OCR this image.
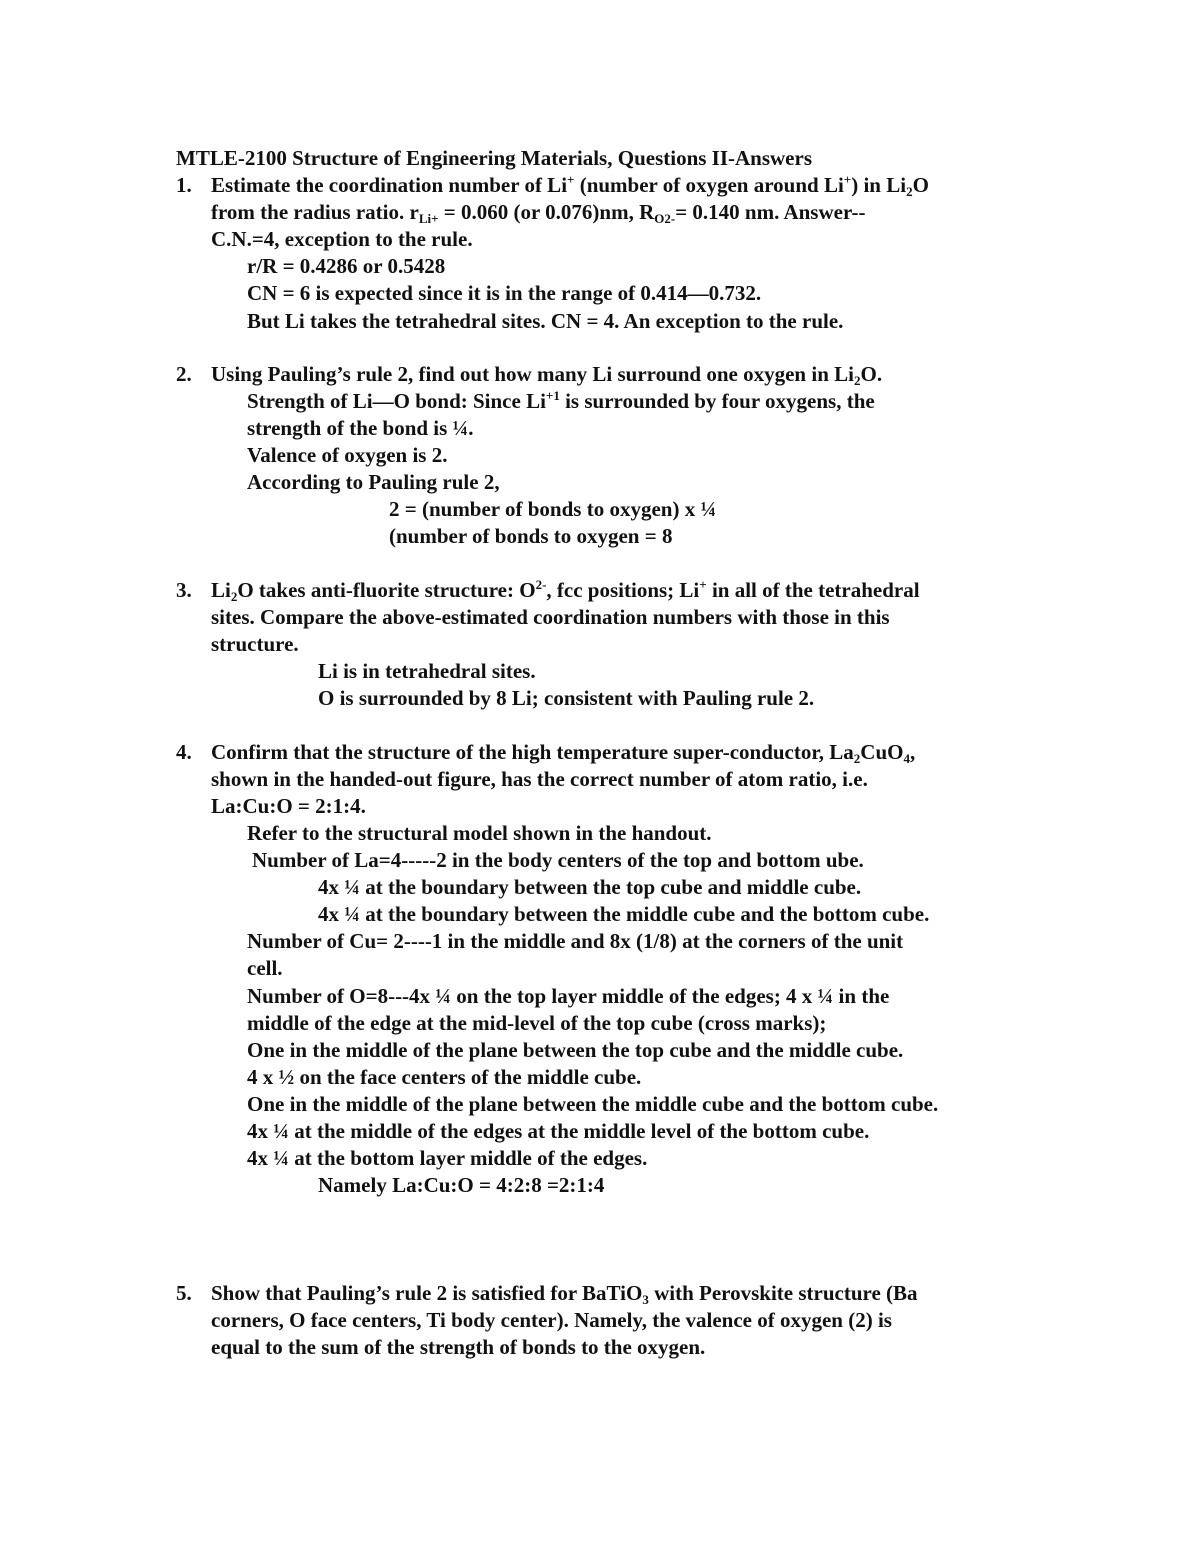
MTLE-2100 Structure of Engineering Materials, Questions II-Answers
1. Estimate the coordination number of Li+ (number of oxygen around Li+) in $Li_2O$
from the radius ratio. $r_{Li+} = 0.060$ (or 0.076)nm, $R_{O2-}= 0.140$ nm. Answer--
C.N.=4, exception to the rule.
r/R = 0.4286 or 0.5428
CN = 6 is expected since it is in the range of 0.414—0.732.
But Li takes the tetrahedral sites. CN = 4. An exception to the rule.
2. Using Pauling’s rule 2, find out how many Li surround one oxygen in $Li_2O$.
Strength of Li—O bond: Since $Li^{+1}$ is surrounded by four oxygens, the
strength of the bond is ¼.
Valence of oxygen is 2.
According to Pauling rule 2,
2 = (number of bonds to oxygen) x ¼
(number of bonds to oxygen = 8
3. $Li_2O$ takes anti-fluorite structure: $O^{2-}$, fcc positions; Li+ in all of the tetrahedral
sites. Compare the above-estimated coordination numbers with those in this
structure.
Li is in tetrahedral sites.
O is surrounded by 8 Li; consistent with Pauling rule 2.
4. Confirm that the structure of the high temperature super-conductor, $La_2CuO_4$,
shown in the handed-out figure, has the correct number of atom ratio, i.e.
La:Cu:O = 2:1:4.
Refer to the structural model shown in the handout.
Number of La=4-----2 in the body centers of the top and bottom ube.
4x ¼ at the boundary between the top cube and middle cube.
4x ¼ at the boundary between the middle cube and the bottom cube.
Number of Cu= 2----1 in the middle and 8x (1/8) at the corners of the unit
cell.
Number of O=8---4x ¼ on the top layer middle of the edges; 4 x ¼ in the
middle of the edge at the mid-level of the top cube (cross marks);
One in the middle of the plane between the top cube and the middle cube.
4 x ½ on the face centers of the middle cube.
One in the middle of the plane between the middle cube and the bottom cube.
4x ¼ at the middle of the edges at the middle level of the bottom cube.
4x ¼ at the bottom layer middle of the edges.
Namely La:Cu:O = 4:2:8 =2:1:4
5. Show that Pauling’s rule 2 is satisfied for BaTiO$_3$ with Perovskite structure (Ba
corners, O face centers, Ti body center). Namely, the valence of oxygen (2) is
equal to the sum of the strength of bonds to the oxygen.
